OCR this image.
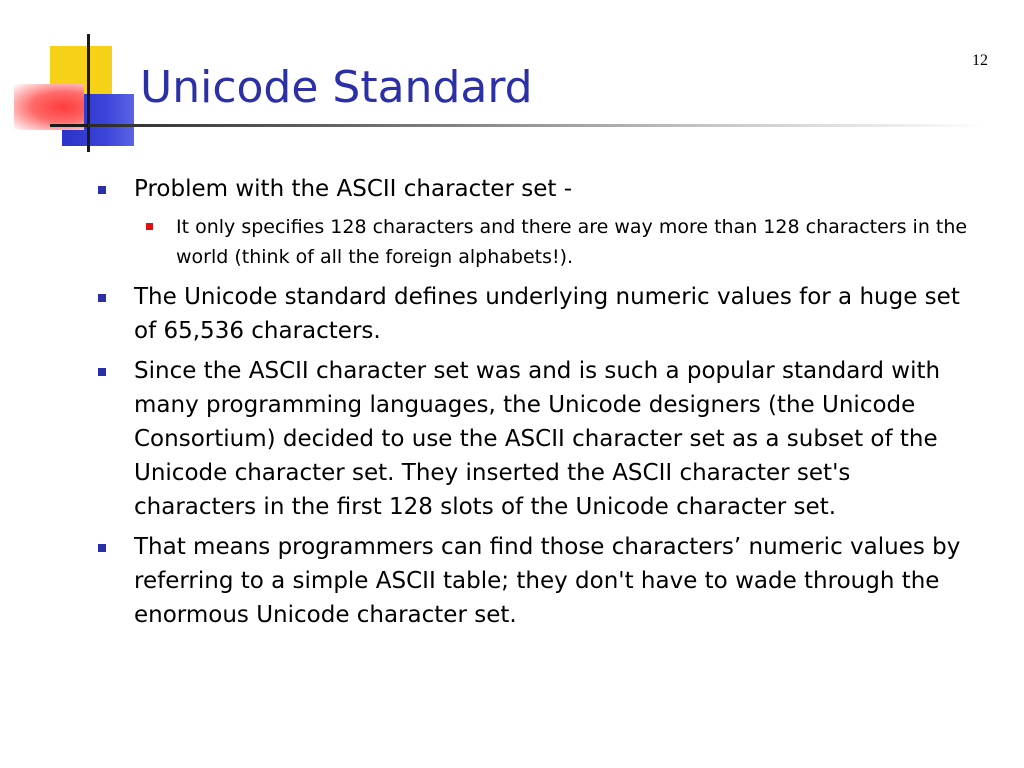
Unicode Standard
12
Problem with the ASCII character set -
It only specifies 128 characters and there are way more than 128 characters in the world (think of all the foreign alphabets!).
The Unicode standard defines underlying numeric values for a huge set of 65,536 characters.
Since the ASCII character set was and is such a popular standard with many programming languages, the Unicode designers (the Unicode Consortium) decided to use the ASCII character set as a subset of the Unicode character set. They inserted the ASCII character set's characters in the first 128 slots of the Unicode character set.
That means programmers can find those characters’ numeric values by referring to a simple ASCII table; they don't have to wade through the enormous Unicode character set.
